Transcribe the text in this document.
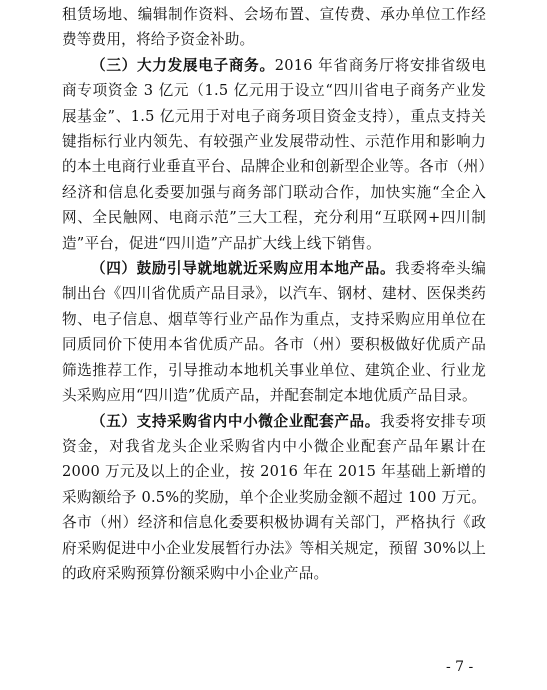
租赁场地、编辑制作资料、会场布置、宣传费、承办单位工作经费等费用，将给予资金补助。

（三）大力发展电子商务。2016 年省商务厅将安排省级电商专项资金 3 亿元（1.5 亿元用于设立“四川省电子商务产业发展基金”、1.5 亿元用于对电子商务项目资金支持），重点支持关键指标行业内领先、有较强产业发展带动性、示范作用和影响力的本土电商行业垂直平台、品牌企业和创新型企业等。各市（州）经济和信息化委要加强与商务部门联动合作，加快实施“全企入网、全民触网、电商示范”三大工程，充分利用“互联网+四川制造”平台，促进“四川造”产品扩大线上线下销售。

（四）鼓励引导就地就近采购应用本地产品。我委将牵头编制出台《四川省优质产品目录》，以汽车、钢材、建材、医保类药物、电子信息、烟草等行业产品作为重点，支持采购应用单位在同质同价下使用本省优质产品。各市（州）要积极做好优质产品筛选推荐工作，引导推动本地机关事业单位、建筑企业、行业龙头采购应用“四川造”优质产品，并配套制定本地优质产品目录。

（五）支持采购省内中小微企业配套产品。我委将安排专项资金，对我省龙头企业采购省内中小微企业配套产品年累计在 2000 万元及以上的企业，按 2016 年在 2015 年基础上新增的采购额给予 0.5%的奖励，单个企业奖励金额不超过 100 万元。各市（州）经济和信息化委要积极协调有关部门，严格执行《政府采购促进中小企业发展暂行办法》等相关规定，预留 30%以上的政府采购预算份额采购中小企业产品。

- 7 -
